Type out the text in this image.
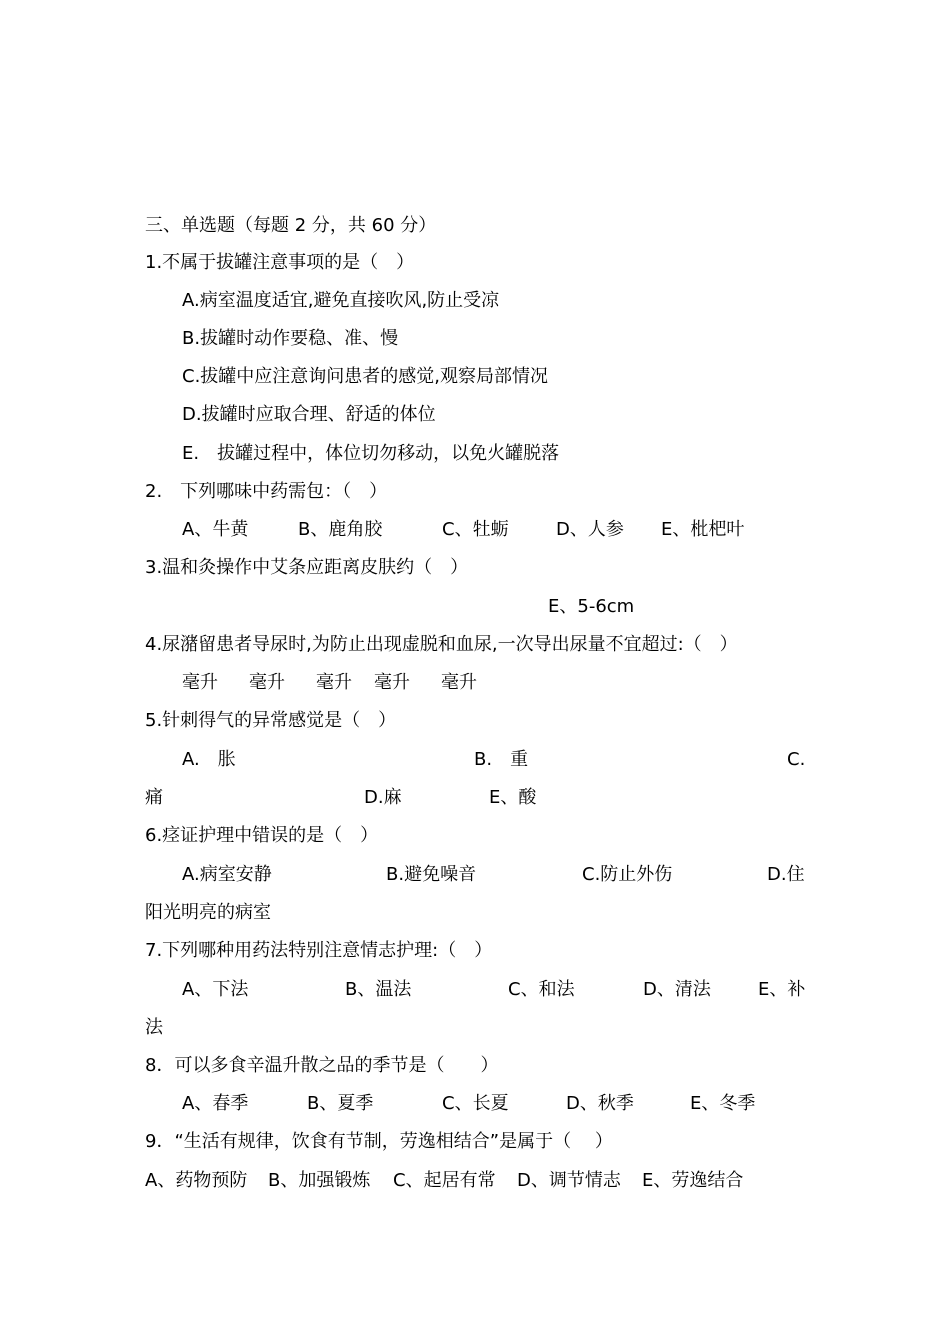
三、单选题（每题 2 分，共 60 分）
1.不属于拔罐注意事项的是（　）
A.病室温度适宜,避免直接吹风,防止受凉
B.拔罐时动作要稳、准、慢
C.拔罐中应注意询问患者的感觉,观察局部情况
D.拔罐时应取合理、舒适的体位
E.　拔罐过程中，体位切勿移动，以免火罐脱落
2.　下列哪味中药需包：（　）
A、牛黄	B、鹿角胶	C、牡蛎	D、人参 E、枇杷叶
3.温和灸操作中艾条应距离皮肤约（　）
E、5-6cm
4.尿潴留患者导尿时,为防止出现虚脱和血尿,一次导出尿量不宜超过:（　）
毫升 毫升 毫升 毫升 毫升
5.针刺得气的异常感觉是（　）
A.　胀	B.　重	C.
痛	D.麻	E、酸
6.痉证护理中错误的是（　）
A.病室安静	B.避免噪音	C.防止外伤	D.住
阳光明亮的病室
7.下列哪种用药法特别注意情志护理:（　）
A、下法	B、温法	C、和法	D、清法	E、补
法
8．可以多食辛温升散之品的季节是（　　）
A、春季	B、夏季	C、长夏	D、秋季	E、冬季
9．“生活有规律，饮食有节制，劳逸相结合”是属于（　 ）
A、药物预防 B、加强锻炼 C、起居有常 D、调节情志 E、劳逸结合
